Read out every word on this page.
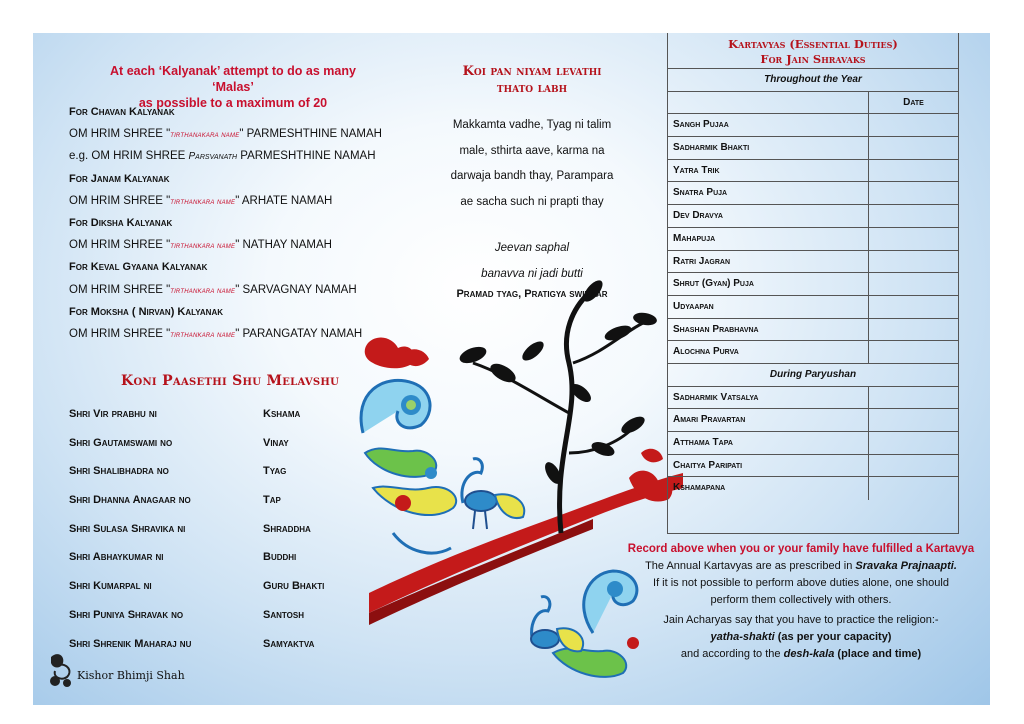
At each ‘Kalyanak’ attempt to do as many ‘Malas’
as possible to a maximum of 20
For Chavan Kalyanak
OM HRIM SHREE "tirthanakara name" PARMESHTHINE NAMAH
e.g. OM HRIM SHREE Parsvanath PARMESHTHINE NAMAH
For Janam Kalyanak
OM HRIM SHREE "tirthankara name" ARHATE NAMAH
For Diksha Kalyanak
OM HRIM SHREE "tirthankara name" NATHAY NAMAH
For Keval Gyaana Kalyanak
OM HRIM SHREE "tirthankara name" SARVAGNAY NAMAH
For Moksha ( Nirvan) Kalyanak
OM HRIM SHREE "tirthankara name" PARANGATAY NAMAH
Koni Paasethi Shu Melavshu
Shri Vir prabhu ni	Kshama
Shri Gautamswami no	Vinay
Shri Shalibhadra no	Tyag
Shri Dhanna Anagaar no	Tap
Shri Sulasa Shravika ni	Shraddha
Shri Abhaykumar ni	Buddhi
Shri Kumarpal ni	Guru Bhakti
Shri Puniya Shravak no	Santosh
Shri Shrenik Maharaj nu	Samyaktva
Koi pan niyam levathi
thato labh
Makkamta vadhe, Tyag ni talim
male, sthirta aave, karma na
darwaja bandh thay, Parampara
ae sacha such ni prapti thay
Jeevan saphal
banavva ni jadi butti
Pramad tyag, Pratigya swikaar
Kartavyas (Essential Duties)
For Jain Shravaks
Throughout the Year
Date
Sangh Pujaa
Sadharmik Bhakti
Yatra Trik
Snatra Puja
Dev Dravya
Mahapuja
Ratri Jagran
Shrut (Gyan) Puja
Udyaapan
Shashan Prabhavna
Alochna Purva
During Paryushan
Sadharmik Vatsalya
Amari Pravartan
Atthama Tapa
Chaitya Paripati
Kshamapana
Record above when you or your family have fulfilled a Kartavya
The Annual Kartavyas are as prescribed in Sravaka Prajnaapti.
If it is not possible to perform above duties alone, one should
perform them collectively with others.
Jain Acharyas say that you have to practice the religion:-
yatha-shakti (as per your capacity)
and according to the desh-kala (place and time)
Kishor Bhimji Shah
